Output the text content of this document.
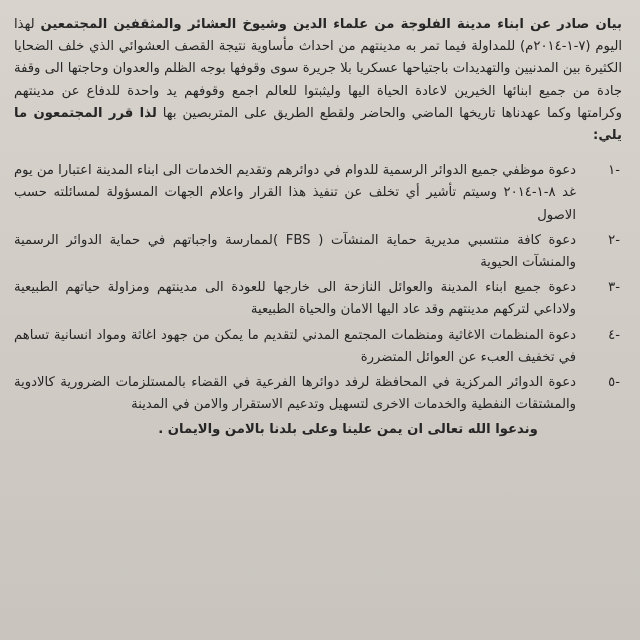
بيان صادر عن ابناء مدينة الفلوجة من علماء الدين وشيوخ العشائر والمثقفين المجتمعين لهذا اليوم (٧-١-٢٠١٤م) للمداولة فيما تمر به مدينتهم من احداث مأساوية نتيجة القصف العشوائي الذي خلف الضحايا الكثيرة بين المدنيين والتهديدات باجتياحها عسكريا بلا جريرة سوى وقوفها بوجه الظلم والعدوان وحاجتها الى وقفة جادة من جميع ابنائها الخيرين لاعادة الحياة اليها وليثبتوا للعالم اجمع وقوفهم يد واحدة للدفاع عن مدينتهم وكرامتها وكما عهدناها تاريخها الماضي والحاضر ولقطع الطريق على المتربصين بها لذا قرر المجتمعون ما يلي:
-١
دعوة موظفي جميع الدوائر الرسمية للدوام في دوائرهم وتقديم الخدمات الى ابناء المدينة اعتبارا من يوم غد ٨-١-٢٠١٤ وسيتم تأشير أي تخلف عن تنفيذ هذا القرار واعلام الجهات المسؤولة لمسائلته حسب الاصول
-٢
دعوة كافة منتسبي مديرية حماية المنشآت ( FBS )لممارسة واجباتهم في حماية الدوائر الرسمية والمنشآت الحيوية
-٣
دعوة جميع ابناء المدينة والعوائل النازحة الى خارجها للعودة الى مدينتهم ومزاولة حياتهم الطبيعية ولاداعي لتركهم مدينتهم وقد عاد اليها الامان والحياة الطبيعية
-٤
دعوة المنظمات الاغاثية ومنظمات المجتمع المدني لتقديم ما يمكن من جهود اغاثة ومواد انسانية تساهم في تخفيف العبء عن العوائل المتضررة
-٥
دعوة الدوائر المركزية في المحافظة لرفد دوائرها الفرعية في القضاء بالمستلزمات الضرورية كالادوية والمشتقات النفطية والخدمات الاخرى لتسهيل وتدعيم الاستقرار والامن في المدينة
وندعوا الله تعالى ان يمن علينا وعلى بلدنا بالامن والايمان .
